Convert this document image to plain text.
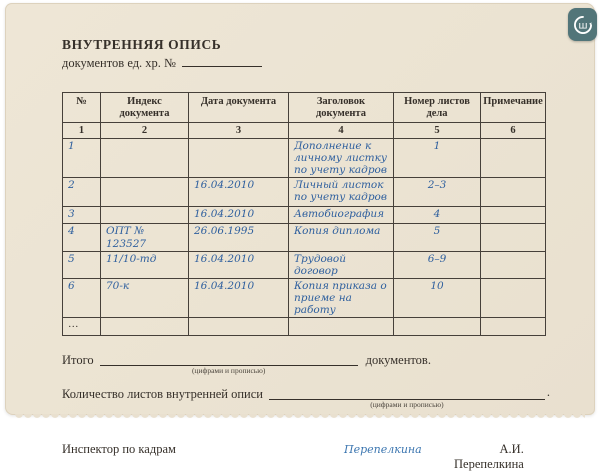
ш
ВНУТРЕННЯЯ ОПИСЬ
документов ед. хр. №
№	Индекс документа	Дата документа	Заголовок документа	Номер листов дела	Примечание
1	2	3	4	5	6
1			Дополнение к личному листку по учету кадров	1	
2		16.04.2010	Личный листок по учету кадров	2–3	
3		16.04.2010	Автобиография	4	
4	ОПТ № 123527	26.06.1995	Копия диплома	5	
5	11/10-тд	16.04.2010	Трудовой договор	6–9	
6	70-к	16.04.2010	Копия приказа о приеме на работу	10	
…					
Итого
(цифрами и прописью)
документов.
Количество листов внутренней описи
(цифрами и прописью)
.
Инспектор по кадрам	Перепелкина	А.И. Перепелкина
